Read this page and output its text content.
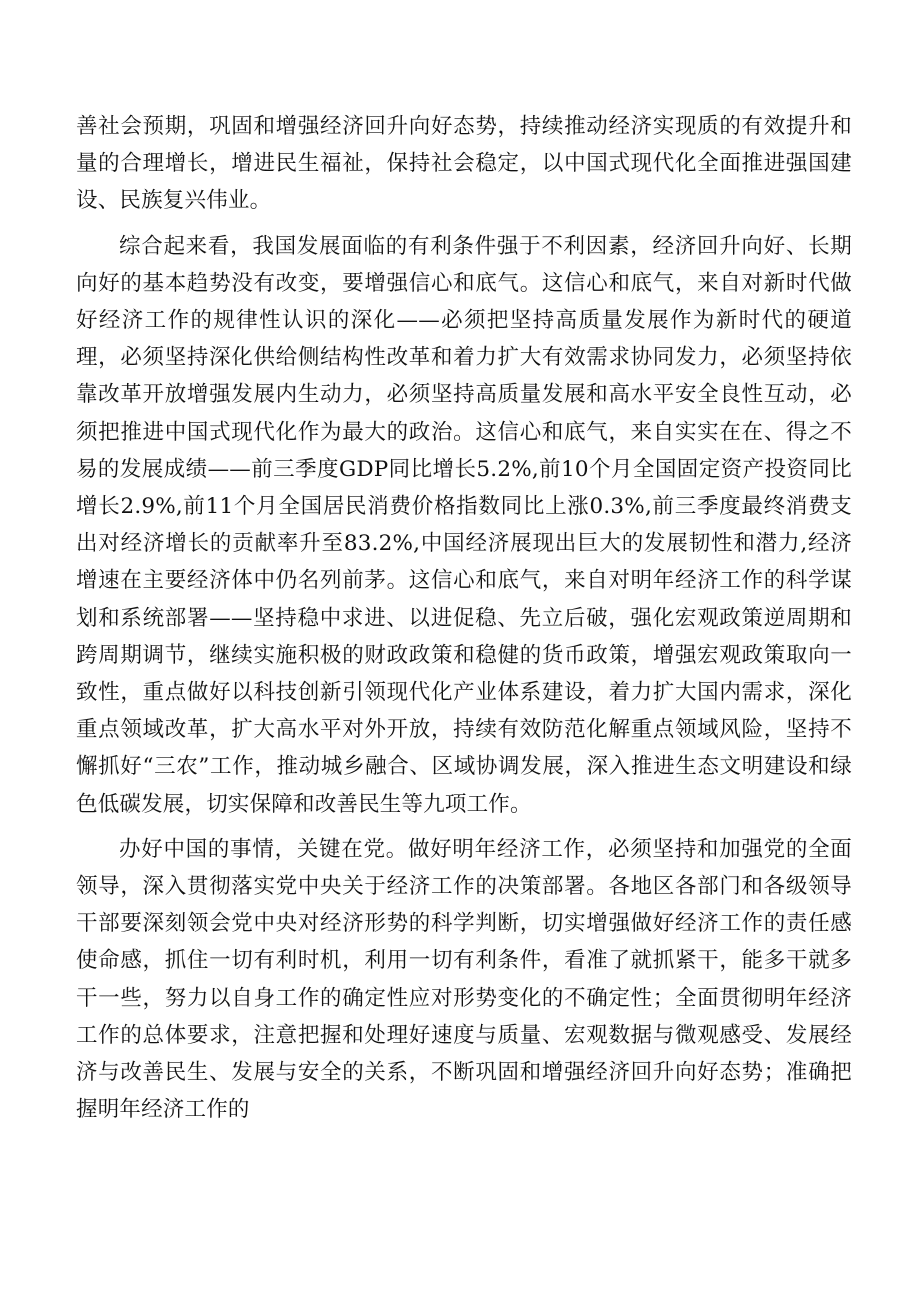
善社会预期，巩固和增强经济回升向好态势，持续推动经济实现质的有效提升和量的合理增长，增进民生福祉，保持社会稳定，以中国式现代化全面推进强国建设、民族复兴伟业。

综合起来看，我国发展面临的有利条件强于不利因素，经济回升向好、长期向好的基本趋势没有改变，要增强信心和底气。这信心和底气，来自对新时代做好经济工作的规律性认识的深化——必须把坚持高质量发展作为新时代的硬道理，必须坚持深化供给侧结构性改革和着力扩大有效需求协同发力，必须坚持依靠改革开放增强发展内生动力，必须坚持高质量发展和高水平安全良性互动，必须把推进中国式现代化作为最大的政治。这信心和底气，来自实实在在、得之不易的发展成绩——前三季度GDP同比增长5.2%,前10个月全国固定资产投资同比增长2.9%,前11个月全国居民消费价格指数同比上涨0.3%,前三季度最终消费支出对经济增长的贡献率升至83.2%,中国经济展现出巨大的发展韧性和潜力,经济增速在主要经济体中仍名列前茅。这信心和底气，来自对明年经济工作的科学谋划和系统部署——坚持稳中求进、以进促稳、先立后破，强化宏观政策逆周期和跨周期调节，继续实施积极的财政政策和稳健的货币政策，增强宏观政策取向一致性，重点做好以科技创新引领现代化产业体系建设，着力扩大国内需求，深化重点领域改革，扩大高水平对外开放，持续有效防范化解重点领域风险，坚持不懈抓好“三农”工作，推动城乡融合、区域协调发展，深入推进生态文明建设和绿色低碳发展，切实保障和改善民生等九项工作。

办好中国的事情，关键在党。做好明年经济工作，必须坚持和加强党的全面领导，深入贯彻落实党中央关于经济工作的决策部署。各地区各部门和各级领导干部要深刻领会党中央对经济形势的科学判断，切实增强做好经济工作的责任感使命感，抓住一切有利时机，利用一切有利条件，看准了就抓紧干，能多干就多干一些，努力以自身工作的确定性应对形势变化的不确定性；全面贯彻明年经济工作的总体要求，注意把握和处理好速度与质量、宏观数据与微观感受、发展经济与改善民生、发展与安全的关系，不断巩固和增强经济回升向好态势；准确把握明年经济工作的
